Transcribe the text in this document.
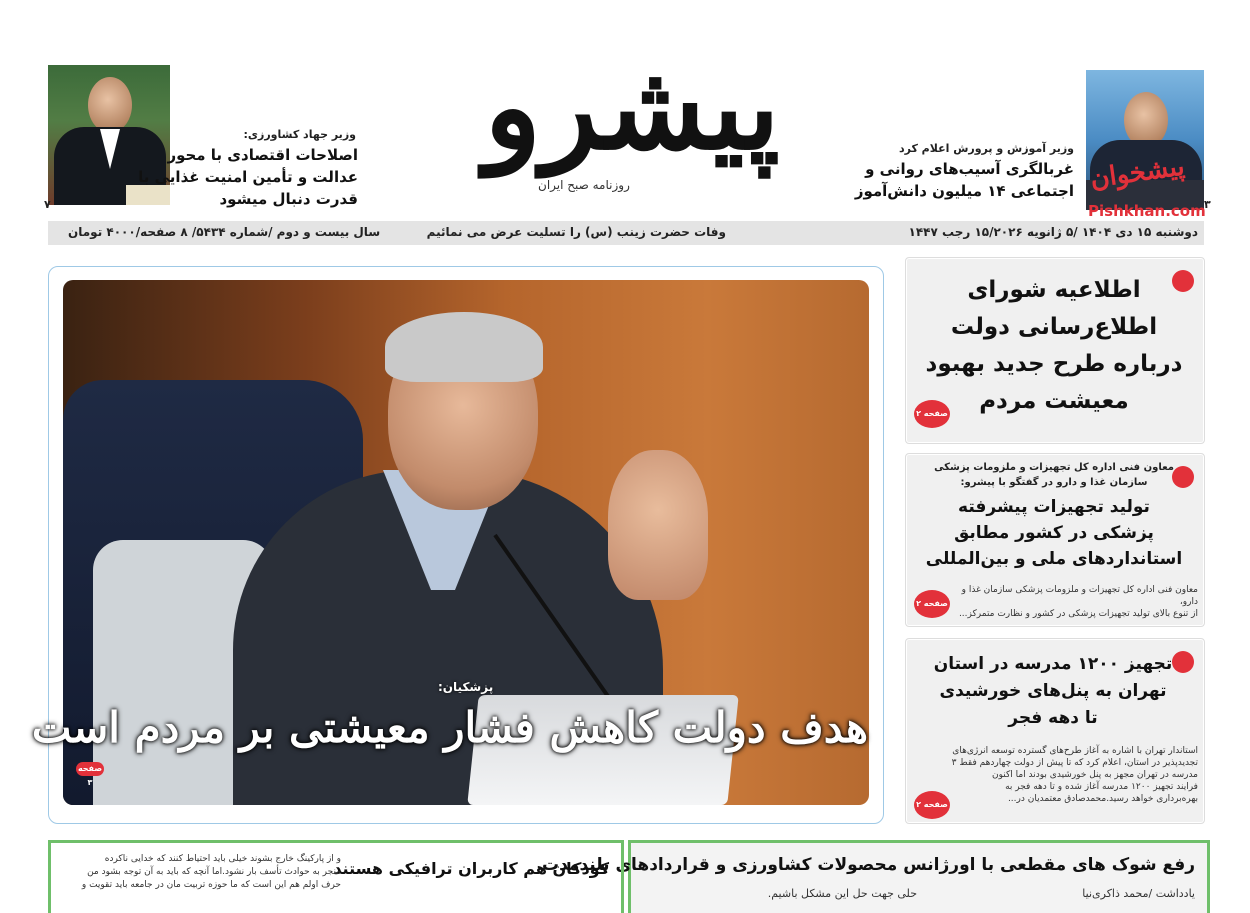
پیشرو
روزنامه صبح ایران
وزیر جهاد کشاورزی:
اصلاحات اقتصادی با محور
عدالت و تأمین امنیت غذایی با
قدرت دنبال میشود
۷
پیشخوان
Pishkhan.com
وزیر آموزش و پرورش اعلام کرد
غربالگری آسیب‌های روانی و
اجتماعی ۱۴ میلیون دانش‌آموز
۳
دوشنبه ۱۵ دی ۱۴۰۴ /۵ ژانویه ۱۵/۲۰۲۶ رجب ۱۴۴۷
وفات حضرت زینب (س) را تسلیت عرض می نمائیم
سال بیست و دوم /شماره ۵۴۳۴/ ۸ صفحه/۴۰۰۰ تومان
پزشکیان:
هدف دولت کاهش فشار معیشتی بر مردم است
صفحه ۳
اطلاعیه شورای
اطلاع‌رسانی دولت
درباره طرح جدید بهبود
معیشت مردم
صفحه ۲
معاون فنی اداره کل تجهیزات و ملزومات پزشکی
سازمان غذا و دارو در گفتگو با پیشرو:
تولید تجهیزات پیشرفته
پزشکی در کشور مطابق
استانداردهای ملی و بین‌المللی
معاون فنی اداره کل تجهیزات و ملزومات پزشکی سازمان غذا و دارو،
از تنوع بالای تولید تجهیزات پزشکی در کشور و نظارت متمرکز...
صفحه ۲
تجهیز ۱۲۰۰ مدرسه در استان
تهران به پنل‌های خورشیدی
تا دهه فجر
استاندار تهران با اشاره به آغاز طرح‌های گسترده توسعه انرژی‌های
تجدیدپذیر در استان، اعلام کرد که تا پیش از دولت چهاردهم فقط ۳
مدرسه در تهران مجهز به پنل خورشیدی بودند اما اکنون
فرایند تجهیز ۱۲۰۰ مدرسه آغاز شده و تا دهه فجر به
بهره‌برداری خواهد رسید.محمدصادق معتمدیان در...
صفحه ۲
رفع شوک های مقطعی با اورژانس محصولات کشاورزی و قراردادهای بلندمدت
یادداشت /محمد ذاکری‌نیا
حلی جهت حل این مشکل باشیم.
کودکان هم کاربران ترافیکی هستند
و از پارکینگ خارج بشوند خیلی باید احتیاط کنند که خدایی ناکرده
منجر به حوادث تأسف بار نشود.اما آنچه که باید به آن توجه بشود من
حرف اولم هم این است که ما حوزه تربیت مان در جامعه باید تقویت و
